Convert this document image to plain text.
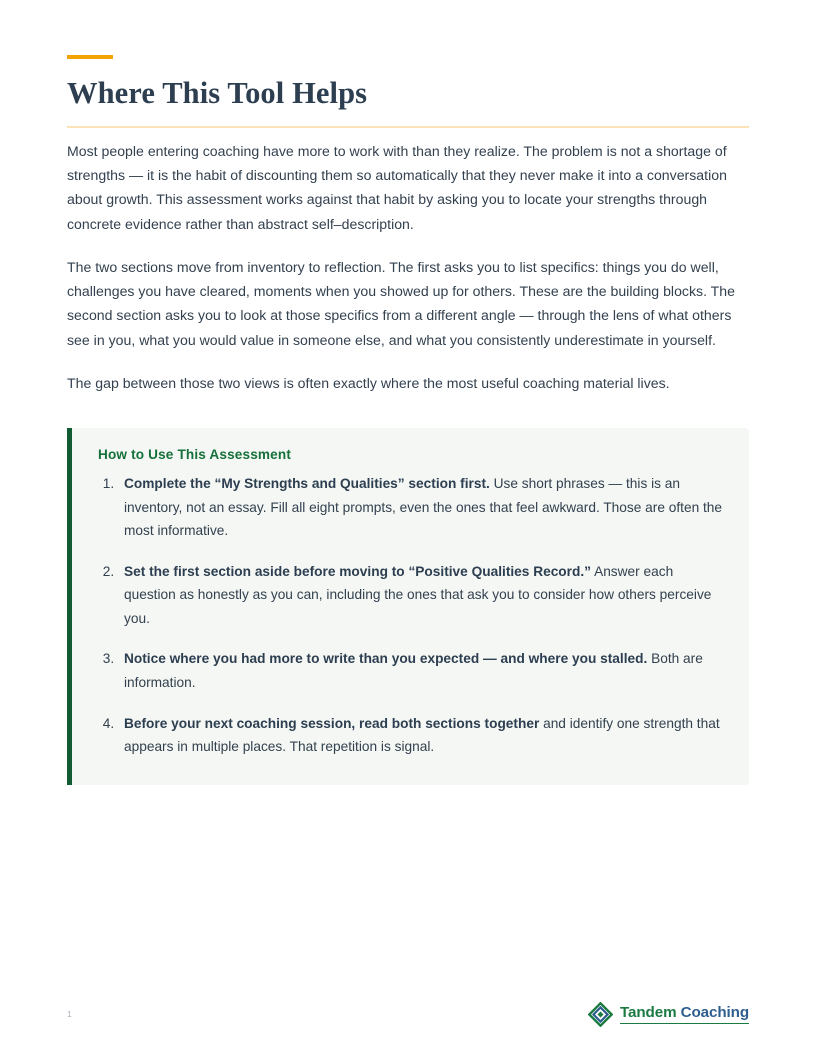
Where This Tool Helps

Most people entering coaching have more to work with than they realize. The problem is not a shortage of strengths — it is the habit of discounting them so automatically that they never make it into a conversation about growth. This assessment works against that habit by asking you to locate your strengths through concrete evidence rather than abstract self–description.

The two sections move from inventory to reflection. The first asks you to list specifics: things you do well, challenges you have cleared, moments when you showed up for others. These are the building blocks. The second section asks you to look at those specifics from a different angle — through the lens of what others see in you, what you would value in someone else, and what you consistently underestimate in yourself.

The gap between those two views is often exactly where the most useful coaching material lives.

How to Use This Assessment
1. Complete the “My Strengths and Qualities” section first. Use short phrases — this is an inventory, not an essay. Fill all eight prompts, even the ones that feel awkward. Those are often the most informative.
2. Set the first section aside before moving to “Positive Qualities Record.” Answer each question as honestly as you can, including the ones that ask you to consider how others perceive you.
3. Notice where you had more to write than you expected — and where you stalled. Both are information.
4. Before your next coaching session, read both sections together and identify one strength that appears in multiple places. That repetition is signal.
1	Tandem Coaching
